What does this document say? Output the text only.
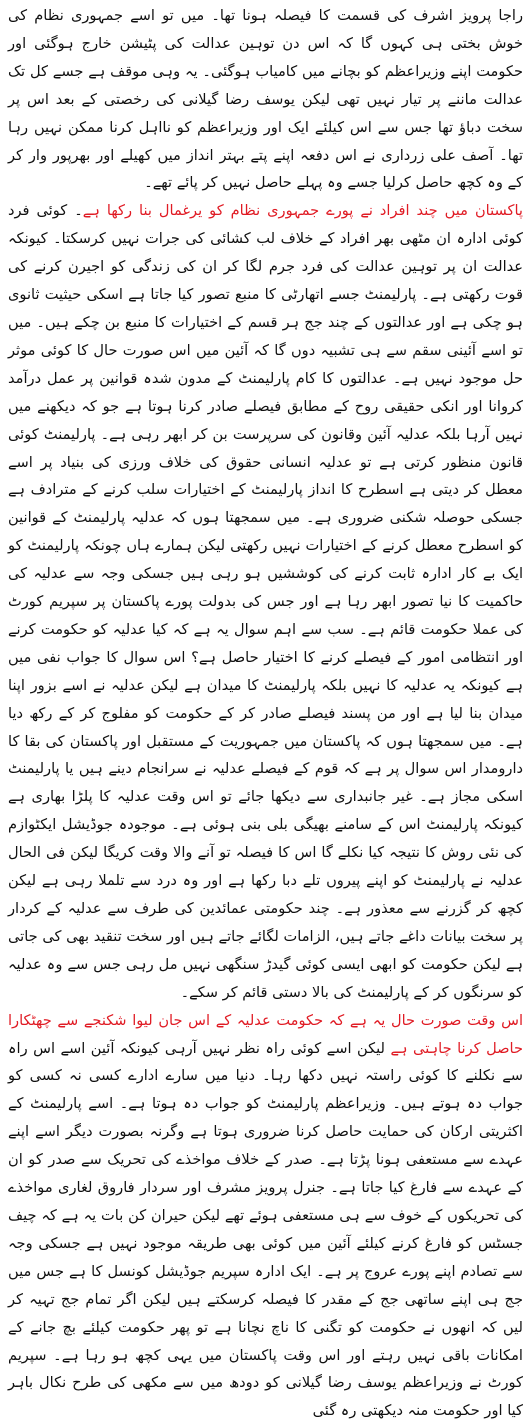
راجا پرویز اشرف کی قسمت کا فیصلہ ہونا تھا۔ میں تو اسے جمہوری نظام کی خوش بختی ہی کہوں گا کہ اس دن توہین عدالت کی پٹیشن خارج ہوگئی اور حکومت اپنے وزیراعظم کو بچانے میں کامیاب ہوگئی۔ یہ وہی موقف ہے جسے کل تک عدالت ماننے پر تیار نہیں تھی لیکن یوسف رضا گیلانی کی رخصتی کے بعد اس پر سخت دباؤ تھا جس سے اس کیلئے ایک اور وزیراعظم کو نااہل کرنا ممکن نہیں رہا تھا۔ آصف علی زرداری نے اس دفعہ اپنے پتے بہتر انداز میں کھیلے اور بھرپور وار کر کے وہ کچھ حاصل کرلیا جسے وہ پہلے حاصل نہیں کر پائے تھے۔

پاکستان میں چند افراد نے پورے جمہوری نظام کو یرغمال بنا رکھا ہے۔ کوئی فرد کوئی ادارہ ان مٹھی بھر افراد کے خلاف لب کشائی کی جرات نہیں کرسکتا۔ کیونکہ عدالت ان پر توہین عدالت کی فرد جرم لگا کر ان کی زندگی کو اجیرن کرنے کی قوت رکھتی ہے۔ پارلیمنٹ جسے اتھارٹی کا منبع تصور کیا جاتا ہے اسکی حیثیت ثانوی ہو چکی ہے اور عدالتوں کے چند جج ہر قسم کے اختیارات کا منبع بن چکے ہیں۔ میں تو اسے آئینی سقم سے ہی تشبیہ دوں گا کہ آئین میں اس صورت حال کا کوئی موثر حل موجود نہیں ہے۔ عدالتوں کا کام پارلیمنٹ کے مدون شدہ قوانین پر عمل درآمد کروانا اور انکی حقیقی روح کے مطابق فیصلے صادر کرنا ہوتا ہے جو کہ دیکھنے میں نہیں آرہا بلکہ عدلیہ آئین وقانون کی سرپرست بن کر ابھر رہی ہے۔ پارلیمنٹ کوئی قانون منظور کرتی ہے تو عدلیہ انسانی حقوق کی خلاف ورزی کی بنیاد پر اسے معطل کر دیتی ہے اسطرح کا انداز پارلیمنٹ کے اختیارات سلب کرنے کے مترادف ہے جسکی حوصلہ شکنی ضروری ہے۔ میں سمجھتا ہوں کہ عدلیہ پارلیمنٹ کے قوانین کو اسطرح معطل کرنے کے اختیارات نہیں رکھتی لیکن ہمارے ہاں چونکہ پارلیمنٹ کو ایک بے کار ادارہ ثابت کرنے کی کوششیں ہو رہی ہیں جسکی وجہ سے عدلیہ کی حاکمیت کا نیا تصور ابھر رہا ہے اور جس کی بدولت پورے پاکستان پر سپریم کورٹ کی عملا حکومت قائم ہے۔ سب سے اہم سوال یہ ہے کہ کیا عدلیہ کو حکومت کرنے اور انتظامی امور کے فیصلے کرنے کا اختیار حاصل ہے؟ اس سوال کا جواب نفی میں ہے کیونکہ یہ عدلیہ کا نہیں بلکہ پارلیمنٹ کا میدان ہے لیکن عدلیہ نے اسے بزور اپنا میدان بنا لیا ہے اور من پسند فیصلے صادر کر کے حکومت کو مفلوج کر کے رکھ دیا ہے۔ میں سمجھتا ہوں کہ پاکستان میں جمہوریت کے مستقبل اور پاکستان کی بقا کا دارومدار اس سوال پر ہے کہ قوم کے فیصلے عدلیہ نے سرانجام دینے ہیں یا پارلیمنٹ اسکی مجاز ہے۔ غیر جانبداری سے دیکھا جائے تو اس وقت عدلیہ کا پلڑا بھاری ہے کیونکہ پارلیمنٹ اس کے سامنے بھیگی بلی بنی ہوئی ہے۔ موجودہ جوڈیشل ایکٹوازم کی نئی روش کا نتیجہ کیا نکلے گا اس کا فیصلہ تو آنے والا وقت کریگا لیکن فی الحال عدلیہ نے پارلیمنٹ کو اپنے پیروں تلے دبا رکھا ہے اور وہ درد سے تلملا رہی ہے لیکن کچھ کر گزرنے سے معذور ہے۔ چند حکومتی عمائدین کی طرف سے عدلیہ کے کردار پر سخت بیانات داغے جاتے ہیں، الزامات لگائے جاتے ہیں اور سخت تنقید بھی کی جاتی ہے لیکن حکومت کو ابھی ایسی کوئی گیدڑ سنگھی نہیں مل رہی جس سے وہ عدلیہ کو سرنگوں کر کے پارلیمنٹ کی بالا دستی قائم کر سکے۔

اس وقت صورت حال یہ ہے کہ حکومت عدلیہ کے اس جان لیوا شکنجے سے چھٹکارا حاصل کرنا چاہتی ہے لیکن اسے کوئی راہ نظر نہیں آرہی کیونکہ آئین اسے اس راہ سے نکلنے کا کوئی راستہ نہیں دکھا رہا۔ دنیا میں سارے ادارے کسی نہ کسی کو جواب دہ ہوتے ہیں۔ وزیراعظم پارلیمنٹ کو جواب دہ ہوتا ہے۔ اسے پارلیمنٹ کے اکثریتی ارکان کی حمایت حاصل کرنا ضروری ہوتا ہے وگرنہ بصورت دیگر اسے اپنے عہدے سے مستعفی ہونا پڑتا ہے۔ صدر کے خلاف مواخذے کی تحریک سے صدر کو ان کے عہدے سے فارغ کیا جاتا ہے۔ جنرل پرویز مشرف اور سردار فاروق لغاری مواخذے کی تحریکوں کے خوف سے ہی مستعفی ہوئے تھے لیکن حیران کن بات یہ ہے کہ چیف جسٹس کو فارغ کرنے کیلئے آئین میں کوئی بھی طریقہ موجود نہیں ہے جسکی وجہ سے تصادم اپنے پورے عروج پر ہے۔ ایک ادارہ سپریم جوڈیشل کونسل کا ہے جس میں جج ہی اپنے ساتھی جج کے مقدر کا فیصلہ کرسکتے ہیں لیکن اگر تمام جج تہیہ کر لیں کہ انھوں نے حکومت کو تگنی کا ناچ نچانا ہے تو پھر حکومت کیلئے بچ جانے کے امکانات باقی نہیں رہتے اور اس وقت پاکستان میں یہی کچھ ہو رہا ہے۔ سپریم کورٹ نے وزیراعظم یوسف رضا گیلانی کو دودھ میں سے مکھی کی طرح نکال باہر کیا اور حکومت منہ دیکھتی رہ گئی
